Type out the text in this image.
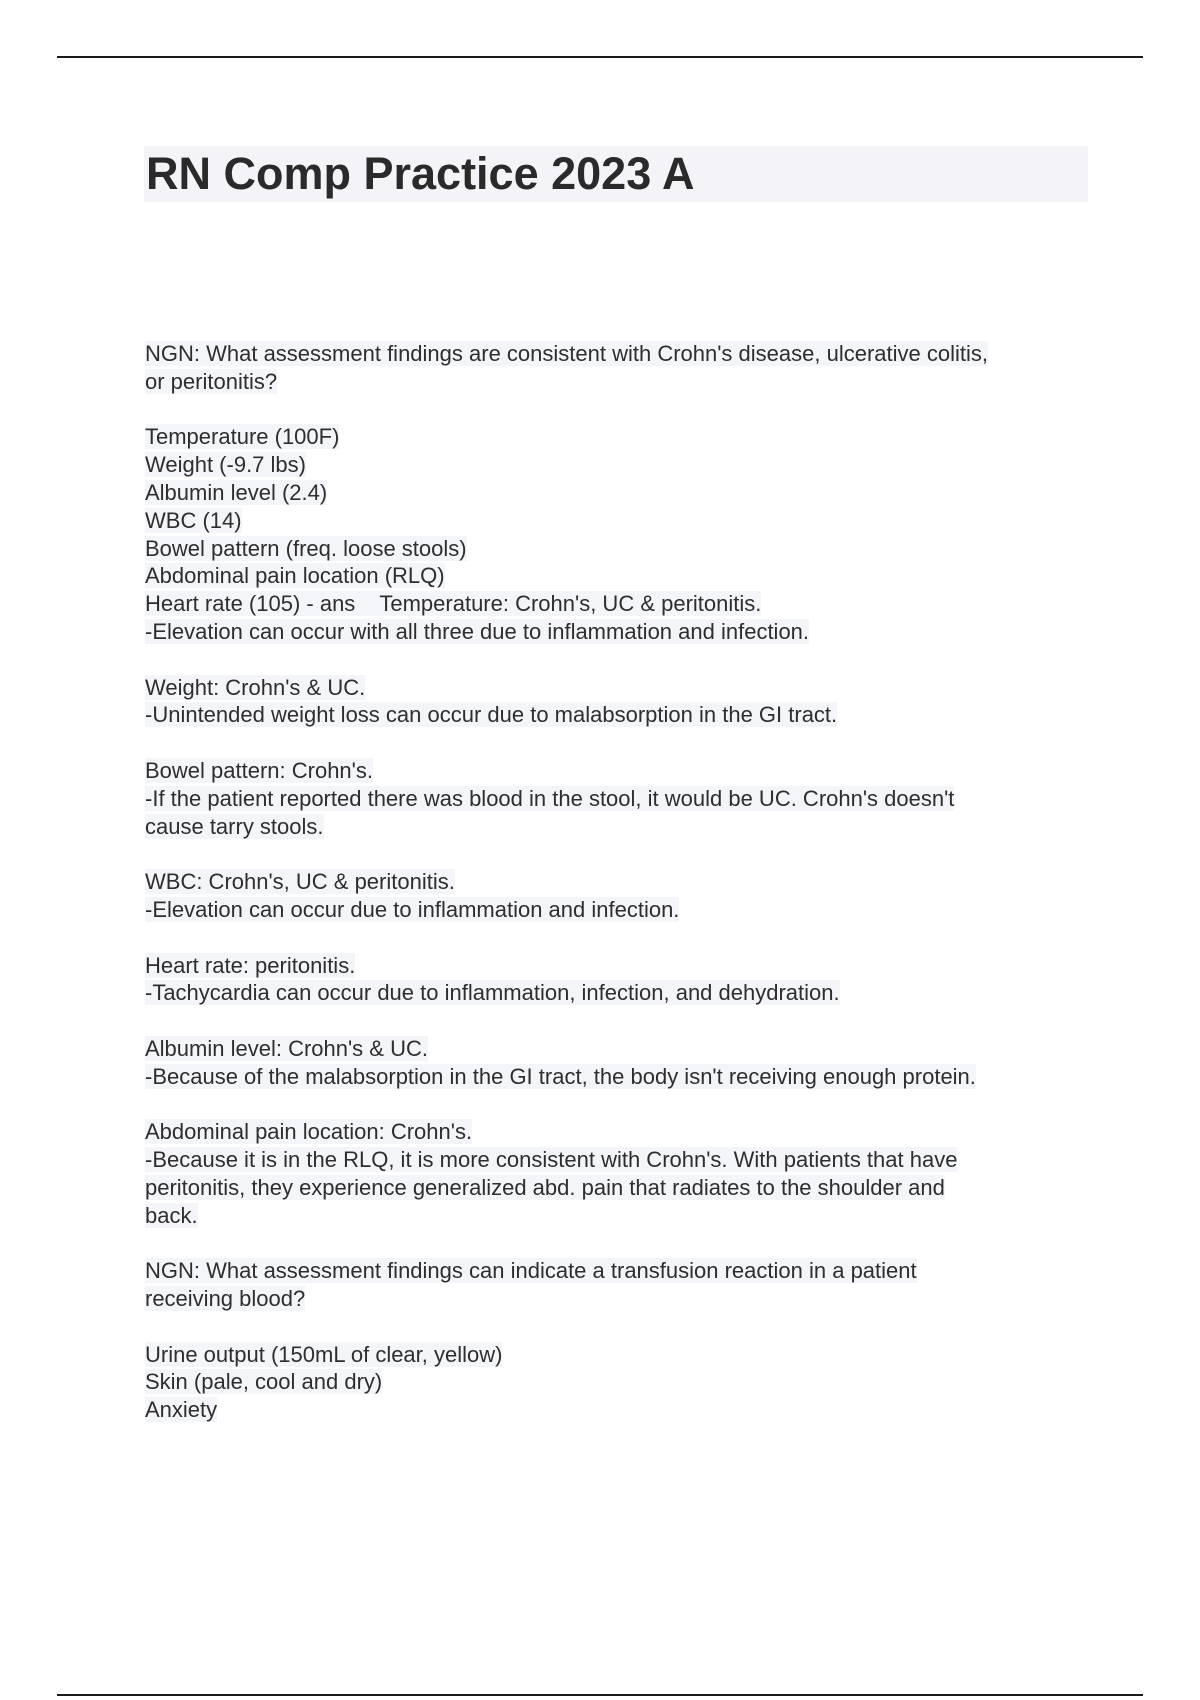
RN Comp Practice 2023 A
NGN: What assessment findings are consistent with Crohn's disease, ulcerative colitis,
or peritonitis?
Temperature (100F)
Weight (-9.7 lbs)
Albumin level (2.4)
WBC (14)
Bowel pattern (freq. loose stools)
Abdominal pain location (RLQ)
Heart rate (105) - ans    Temperature: Crohn's, UC & peritonitis.
-Elevation can occur with all three due to inflammation and infection.
Weight: Crohn's & UC.
-Unintended weight loss can occur due to malabsorption in the GI tract.
Bowel pattern: Crohn's.
-If the patient reported there was blood in the stool, it would be UC. Crohn's doesn't
cause tarry stools.
WBC: Crohn's, UC & peritonitis.
-Elevation can occur due to inflammation and infection.
Heart rate: peritonitis.
-Tachycardia can occur due to inflammation, infection, and dehydration.
Albumin level: Crohn's & UC.
-Because of the malabsorption in the GI tract, the body isn't receiving enough protein.
Abdominal pain location: Crohn's.
-Because it is in the RLQ, it is more consistent with Crohn's. With patients that have
peritonitis, they experience generalized abd. pain that radiates to the shoulder and
back.
NGN: What assessment findings can indicate a transfusion reaction in a patient
receiving blood?
Urine output (150mL of clear, yellow)
Skin (pale, cool and dry)
Anxiety
